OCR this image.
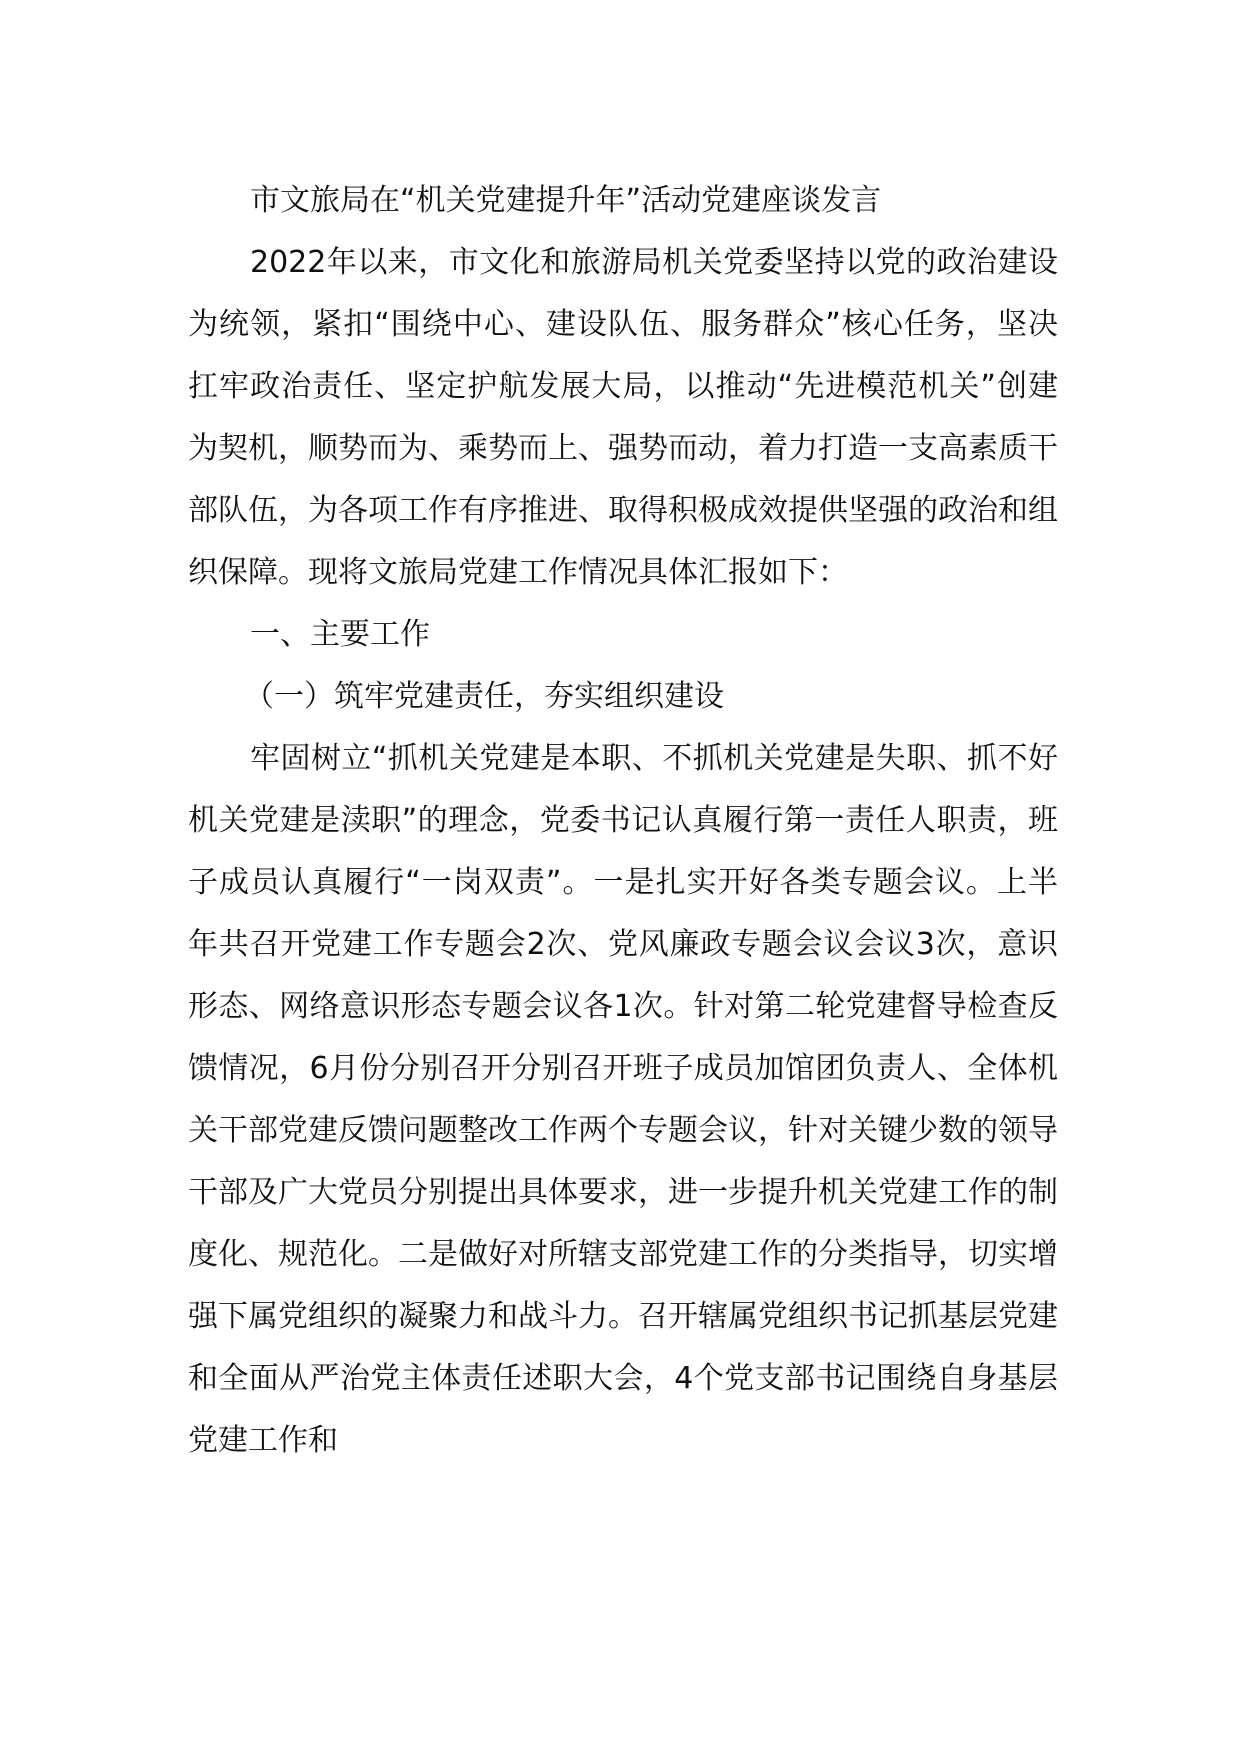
市文旅局在“机关党建提升年”活动党建座谈发言

2022年以来，市文化和旅游局机关党委坚持以党的政治建设为统领，紧扣“围绕中心、建设队伍、服务群众”核心任务，坚决扛牢政治责任、坚定护航发展大局，以推动“先进模范机关”创建为契机，顺势而为、乘势而上、强势而动，着力打造一支高素质干部队伍，为各项工作有序推进、取得积极成效提供坚强的政治和组织保障。现将文旅局党建工作情况具体汇报如下：

一、主要工作

（一）筑牢党建责任，夯实组织建设

牢固树立“抓机关党建是本职、不抓机关党建是失职、抓不好机关党建是渎职”的理念，党委书记认真履行第一责任人职责，班子成员认真履行“一岗双责”。一是扎实开好各类专题会议。上半年共召开党建工作专题会2次、党风廉政专题会议会议3次，意识形态、网络意识形态专题会议各1次。针对第二轮党建督导检查反馈情况，6月份分别召开分别召开班子成员加馆团负责人、全体机关干部党建反馈问题整改工作两个专题会议，针对关键少数的领导干部及广大党员分别提出具体要求，进一步提升机关党建工作的制度化、规范化。二是做好对所辖支部党建工作的分类指导，切实增强下属党组织的凝聚力和战斗力。召开辖属党组织书记抓基层党建和全面从严治党主体责任述职大会，4个党支部书记围绕自身基层党建工作和
